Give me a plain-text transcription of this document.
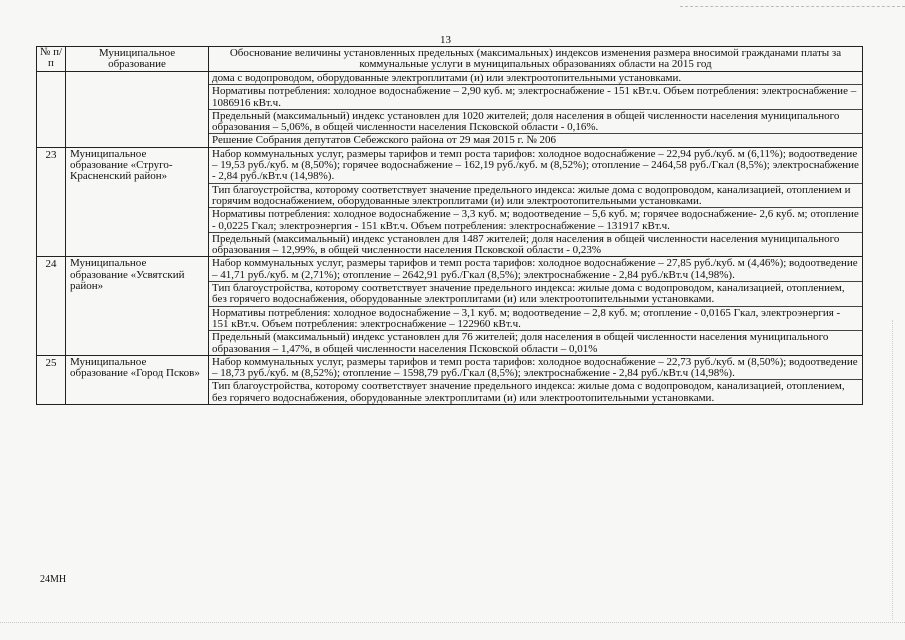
13
№ п/п	Муниципальное образование	Обоснование величины установленных предельных (максимальных) индексов изменения размера вносимой гражданами платы за коммунальные услуги в муниципальных образованиях области на 2015 год

		дома с водопроводом, оборудованные электроплитами (и) или электроотопительными установками.
Нормативы потребления: холодное водоснабжение – 2,90 куб. м; электроснабжение - 151 кВт.ч. Объем потребления: электроснабжение – 1086916 кВт.ч.
Предельный (максимальный) индекс установлен для 1020 жителей; доля населения в общей численности населения муниципального образования – 5,06%, в общей численности населения Псковской области - 0,16%.
Решение Собрания депутатов Себежского района от 29 мая 2015 г. № 206

23	Муниципальное образование «Струго-Красненский район»	Набор коммунальных услуг, размеры тарифов и темп роста тарифов: холодное водоснабжение – 22,94 руб./куб. м (6,11%); водоотведение – 19,53 руб./куб. м (8,50%); горячее водоснабжение – 162,19 руб./куб. м (8,52%); отопление – 2464,58 руб./Гкал (8,5%); электроснабжение - 2,84 руб./кВт.ч (14,98%).
Тип благоустройства, которому соответствует значение предельного индекса: жилые дома с водопроводом, канализацией, отоплением и горячим водоснабжением, оборудованные электроплитами (и) или электроотопительными установками.
Нормативы потребления: холодное водоснабжение – 3,3 куб. м; водоотведение – 5,6 куб. м; горячее водоснабжение- 2,6 куб. м; отопление - 0,0225 Гкал; электроэнергия - 151 кВт.ч. Объем потребления: электроснабжение – 131917 кВт.ч.
Предельный (максимальный) индекс установлен для 1487 жителей; доля населения в общей численности населения муниципального образования – 12,99%, в общей численности населения Псковской области - 0,23%

24	Муниципальное образование «Усвятский район»	Набор коммунальных услуг, размеры тарифов и темп роста тарифов: холодное водоснабжение – 27,85 руб./куб. м (4,46%); водоотведение – 41,71 руб./куб. м (2,71%); отопление – 2642,91 руб./Гкал (8,5%); электроснабжение - 2,84 руб./кВт.ч (14,98%).
Тип благоустройства, которому соответствует значение предельного индекса: жилые дома с водопроводом, канализацией, отоплением, без горячего водоснабжения, оборудованные электроплитами (и) или электроотопительными установками.
Нормативы потребления: холодное водоснабжение – 3,1 куб. м; водоотведение – 2,8 куб. м; отопление - 0,0165 Гкал, электроэнергия - 151 кВт.ч. Объем потребления: электроснабжение – 122960 кВт.ч.
Предельный (максимальный) индекс установлен для 76 жителей; доля населения в общей численности населения муниципального образования – 1,47%, в общей численности населения Псковской области – 0,01%

25	Муниципальное образование «Город Псков»	Набор коммунальных услуг, размеры тарифов и темп роста тарифов: холодное водоснабжение – 22,73 руб./куб. м (8,50%); водоотведение – 18,73 руб./куб. м (8,52%); отопление – 1598,79 руб./Гкал (8,5%); электроснабжение - 2,84 руб./кВт.ч (14,98%).
Тип благоустройства, которому соответствует значение предельного индекса: жилые дома с водопроводом, канализацией, отоплением, без горячего водоснабжения, оборудованные электроплитами (и) или электроотопительными установками.
24МН
